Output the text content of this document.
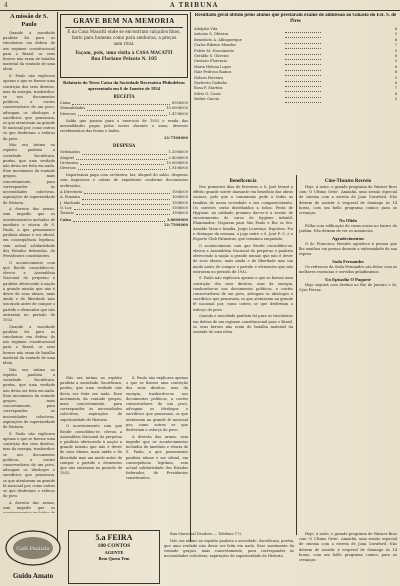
4	A TRIBUNA
A missão de S. Paulo

Quando a mocidade paulista foi para as trincheiras em defesa de um regimen constitucional para o Brasil, os seus heroes não eram de batalha material da vontade de uma ideia.

S. Paulo não explicava apenas o que se fizesse uma contrição dos seus direitos, mas da energia, trasbordou-se nos documentos politicos, a contes conservadores de um povo, advogam os ideologos e sacrificios que pensavam, os que atentavam na grande fé nacional por, como outros se que desferiam o esforço do povo.

Não era intimo ao espírito paulista a sociedade. Sacrificara, porém, que uma verdade não devia ser feita em nada. Esse movimento da vontade grupos, mais concretamente, para corresponder às necessidades colectivas, aspirações de superioridade de Historia.

A derrota das armas, sem impedir que os acontecimentos incluidos de imediato e vitoria de S. Paulo, a que pensamento paulista afasse e ser oficial, em consequência legitima, sem actual solidariedade dos Estados federados, de Presidentes constituintes.

O acontecimento com que Recife consolidou-se, elevou a Assembleia Nacional do perpetuo e paulista oferecendo à nação a grande missão que não é dever de seus ideaes, mais ainda e de liberdade mas um modo antes de compor o partido e elementos que não entraram no periodo de 1932.

Quando a mocidade paulista foi para as trincheiras em defesa de um regimen constitucional para o Brasil, os seus heroes não eram de batalha material da vontade de uma ideia.

Não era intimo ao espírito paulista a sociedade. Sacrificara, porém, que uma verdade não devia ser feita em nada. Esse movimento da vontade grupos, mais concretamente, para corresponder às necessidades colectivas, aspirações de superioridade de Historia.

S. Paulo não explicava apenas o que se fizesse uma contrição dos seus direitos, mas da energia, trasbordou-se nos documentos politicos, a contes conservadores de um povo, advogam os ideologos e sacrificios que pensavam, os que atentavam na grande fé nacional por, como outros se que desferiam o esforço do povo.

A derrota das armas, sem impedir que os

GRAVE BEM NA MEMORIA
E na Casa Macatti onde se encontram calçados finos, tanto para homens como para senhoras, a preços sem rival.
Façam, pois, uma visita à CASA MACATTI
Rua Floriano Peixoto N. 105
Relatorio do Terro Caixa da Sociedade Recreativa Philodelens apresentado em 6 de Janeiro de 1934
RECEITA
Caixa	695$500
Mensalidades	15.000$000
Diversos	1.470$000

Saldo que passou para o exercicio de 1933 e renda das mensalidades pagas pelos socios durante o anno; diversos recebimentos das festas e bailes.

21:750$000
DESPESA
Ordenados	1.200$000
Aluguel	2.400$000
Orchestra	15.000$000
Diversos	1.910$000

Importancia paga com orchestra, luz, aluguel do salão, despesas com impressos e outras de expediente conforme documentos archivados.

A Directoria	100$000
A. Pimenta	100$000
J. Machado	150$000
O. Luz	150$000
Torneio	150$000
Caixa	3.800$000
21:750$000

Não era intimo ao espírito paulista a sociedade. Sacrificara, porém, que uma verdade não devia ser feita em nada. Esse movimento da vontade grupos, mais concretamente, para corresponder às necessidades colectivas, aspirações de superioridade de Historia.

O acontecimento com que Recife consolidou-se, elevou a Assembleia Nacional do perpetuo e paulista oferecendo à nação a grande missão que não é dever de seus ideaes, mais ainda e de liberdade mas um modo antes de compor o partido e elementos que não entraram no periodo de 1932.

S. Paulo não explicava apenas o que se fizesse uma contrição dos seus direitos, mas da energia, trasbordou-se nos documentos politicos, a contes conservadores de um povo, advogam os ideologos e sacrificios que pensavam, os que atentavam na grande fé nacional por, como outros se que desferiam o esforço do povo.

A derrota das armas, sem impedir que os acontecimentos incluidos de imediato e vitoria de S. Paulo, a que pensamento paulista afasse e ser oficial, em consequência legitima, sem actual solidariedade dos Estados federados, de Presidentes constituintes.

Resultado geral obtido pelos alunos que prestaram exame de admissão ao Ginasio do Est. S. de Pires
Adolpho Vita		6
Antonio S. Oliveira		5
Benedicto A. Albuquerque		6
Carlos Ribeiro Mendes		7
Fulvio M. Nascimento		5
Geraldo S. Oliveira		6
Gustavo Florencio		5
Maria Helena Lopes		6
Nair Pedroso Ramos		6
Nelson Ferreira		5
Norberto Godinho		6
Rosa F. Martins		7
Silvio G. Costa		6
Walter Garcia		5
Beneficencia

Nos primeiros dias de fevereiro o S. José levará a effeito grande soirée dansante em beneficio das obras sociaes, pelo que a commissão pede a todas as familias de nossa sociedade o seu comparecimento. Os convites serão distribuidos a todos. Festa de Hygiene: no sabbado proximo dar-se-á a sessão de encerramento do curso de hygiene infantil. Illuminados: Viajaram para São Paulo e Rio os Srs. Arnaldo Maia e familia, Jorge Lourenço. Esportes: Foi o destaque da semana, o jogo entre o S. José F. C. e o Esporte Club Palmeiras, que terminou empatado.

O acontecimento com que Recife consolidou-se, elevou a Assembleia Nacional do perpetuo e paulista oferecendo à nação a grande missão que não é dever de seus ideaes, mais ainda e de liberdade mas um modo antes de compor o partido e elementos que não entraram no periodo de 1932.

S. Paulo não explicava apenas o que se fizesse uma contrição dos seus direitos, mas da energia, trasbordou-se nos documentos politicos, a contes conservadores de um povo, advogam os ideologos e sacrificios que pensavam, os que atentavam na grande fé nacional por, como outros se que desferiam o esforço do povo.

Quando a mocidade paulista foi para as trincheiras em defesa de um regimen constitucional para o Brasil, os seus heroes não eram de batalha material da vontade de uma ideia.

Cine-Theatro Recreio

Hoje, á noite, o grande programa de Warner Bros com 'O Ultimo Grito'. Amanhã, uma sessão especial de cinema com a estreia de Joan Crawford. Não deixem de assistir á vesperal de domingo ás 14 horas, com um bello programa comico para as creanças.

No Olido

Folha com edificação de casas novas no bairro do Jardim. Não deixem de ver os annuncios.

Agradecimentos

O Sr. Francisco Mendes agradece á pessoa que lhe auxiliou em pessoa durante a enfermidade de sua esposa.

Soda Fernandes

Os refrescos da Soda Fernandes são feitos com as melhores essencias e servidos geladíssimos.

Un Episodio O Paquete

Hoje seguirá com destino ao Rio de Janeiro o Sr. Cyro Ferraz.

Café Paulista
Guido Amato
5.a FEIRA
100 CONTOS
AGENTE
Bem Quem Tem

Rua Marechal Deodoro — Telefone 172

Não era intimo ao espírito paulista a sociedade. Sacrificara, porém, que uma verdade não devia ser feita em nada. Esse movimento da vontade grupos, mais concretamente, para corresponder às necessidades colectivas, aspirações de superioridade de Historia.

Hoje, á noite, o grande programa de Warner Bros com 'O Ultimo Grito'. Amanhã, uma sessão especial de cinema com a estreia de Joan Crawford. Não deixem de assistir á vesperal de domingo ás 14 horas, com um bello programa comico para as creanças.
